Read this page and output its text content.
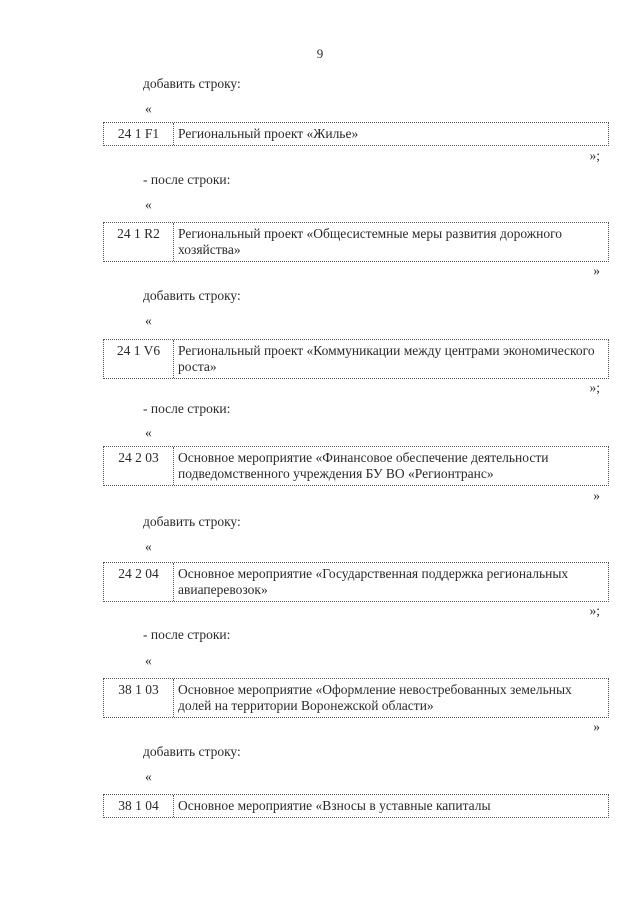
9
добавить строку:
«
24 1 F1	Региональный проект «Жилье»
»;
- после строки:
«
24 1 R2	Региональный проект «Общесистемные меры развития дорожного хозяйства»
»
добавить строку:
«
24 1 V6	Региональный проект «Коммуникации между центрами экономического роста»
»;
- после строки:
«
24 2 03	Основное мероприятие «Финансовое обеспечение деятельности подведомственного учреждения БУ ВО «Регионтранс»
»
добавить строку:
«
24 2 04	Основное мероприятие «Государственная поддержка региональных авиаперевозок»
»;
- после строки:
«
38 1 03	Основное мероприятие «Оформление невостребованных земельных долей на территории Воронежской области»
»
добавить строку:
«
38 1 04	Основное мероприятие «Взносы в уставные капиталы
